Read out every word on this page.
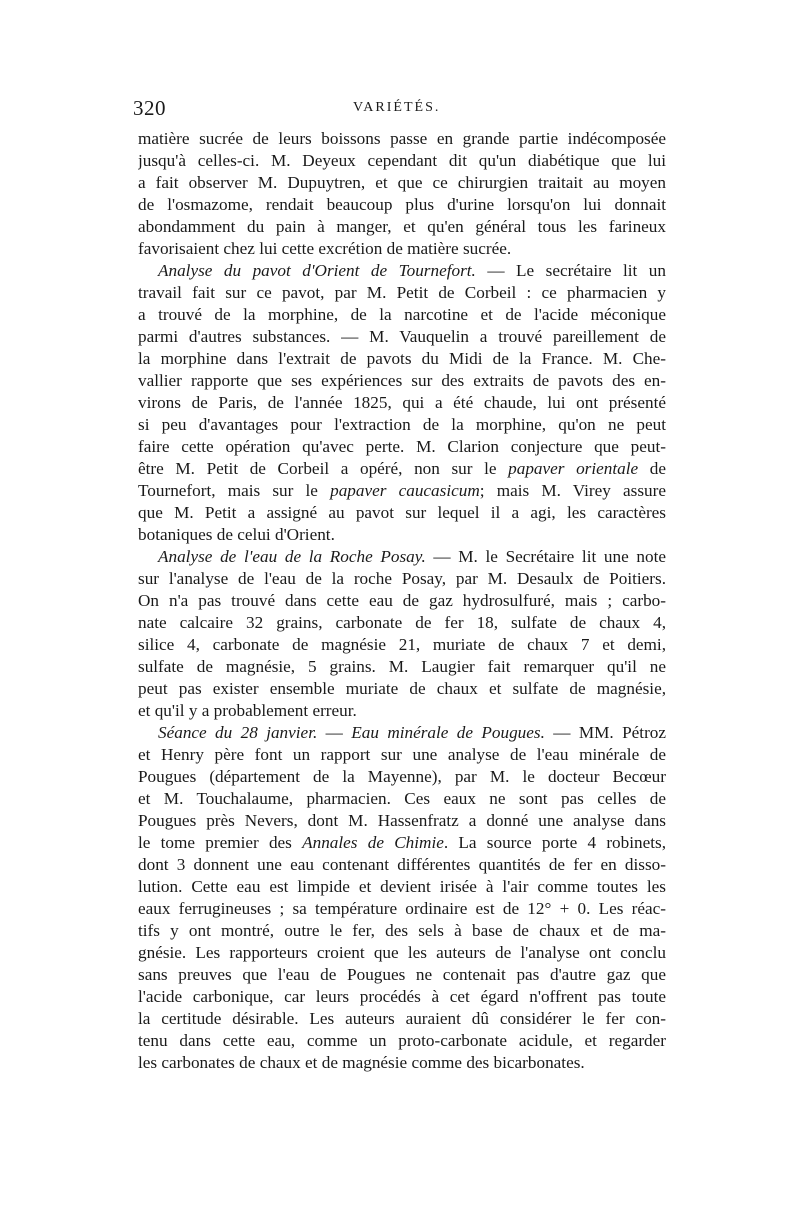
320	VARIÉTÉS.
matière sucrée de leurs boissons passe en grande partie indécomposée
jusqu'à celles-ci. M. Deyeux cependant dit qu'un diabétique que lui
a fait observer M. Dupuytren, et que ce chirurgien traitait au moyen
de l'osmazome, rendait beaucoup plus d'urine lorsqu'on lui donnait
abondamment du pain à manger, et qu'en général tous les farineux
favorisaient chez lui cette excrétion de matière sucrée.
Analyse du pavot d'Orient de Tournefort. — Le secrétaire lit un
travail fait sur ce pavot, par M. Petit de Corbeil : ce pharmacien y
a trouvé de la morphine, de la narcotine et de l'acide méconique
parmi d'autres substances. — M. Vauquelin a trouvé pareillement de
la morphine dans l'extrait de pavots du Midi de la France. M. Che-
vallier rapporte que ses expériences sur des extraits de pavots des en-
virons de Paris, de l'année 1825, qui a été chaude, lui ont présenté
si peu d'avantages pour l'extraction de la morphine, qu'on ne peut
faire cette opération qu'avec perte. M. Clarion conjecture que peut-
être M. Petit de Corbeil a opéré, non sur le papaver orientale de
Tournefort, mais sur le papaver caucasicum; mais M. Virey assure
que M. Petit a assigné au pavot sur lequel il a agi, les caractères
botaniques de celui d'Orient.
Analyse de l'eau de la Roche Posay. — M. le Secrétaire lit une note
sur l'analyse de l'eau de la roche Posay, par M. Desaulx de Poitiers.
On n'a pas trouvé dans cette eau de gaz hydrosulfuré, mais ; carbo-
nate calcaire 32 grains, carbonate de fer 18, sulfate de chaux 4,
silice 4, carbonate de magnésie 21, muriate de chaux 7 et demi,
sulfate de magnésie, 5 grains. M. Laugier fait remarquer qu'il ne
peut pas exister ensemble muriate de chaux et sulfate de magnésie,
et qu'il y a probablement erreur.
Séance du 28 janvier. — Eau minérale de Pougues. — MM. Pétroz
et Henry père font un rapport sur une analyse de l'eau minérale de
Pougues (département de la Mayenne), par M. le docteur Becœur
et M. Touchalaume, pharmacien. Ces eaux ne sont pas celles de
Pougues près Nevers, dont M. Hassenfratz a donné une analyse dans
le tome premier des Annales de Chimie. La source porte 4 robinets,
dont 3 donnent une eau contenant différentes quantités de fer en disso-
lution. Cette eau est limpide et devient irisée à l'air comme toutes les
eaux ferrugineuses ; sa température ordinaire est de 12° + 0. Les réac-
tifs y ont montré, outre le fer, des sels à base de chaux et de ma-
gnésie. Les rapporteurs croient que les auteurs de l'analyse ont conclu
sans preuves que l'eau de Pougues ne contenait pas d'autre gaz que
l'acide carbonique, car leurs procédés à cet égard n'offrent pas toute
la certitude désirable. Les auteurs auraient dû considérer le fer con-
tenu dans cette eau, comme un proto-carbonate acidule, et regarder
les carbonates de chaux et de magnésie comme des bicarbonates.
